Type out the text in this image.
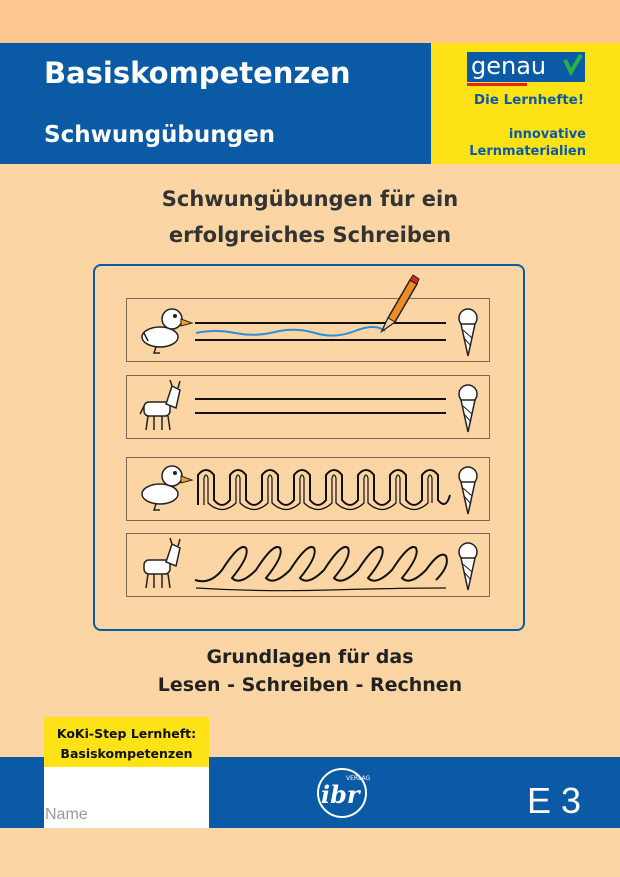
Basiskompetenzen
Schwungübungen
genau
Die Lernhefte!
innovative
Lernmaterialien
Schwungübungen für ein
erfolgreiches Schreiben
Grundlagen für das
Lesen - Schreiben - Rechnen
KoKi-Step Lernheft:
Basiskompetenzen
Name
VERLAG
ibr	E 3
